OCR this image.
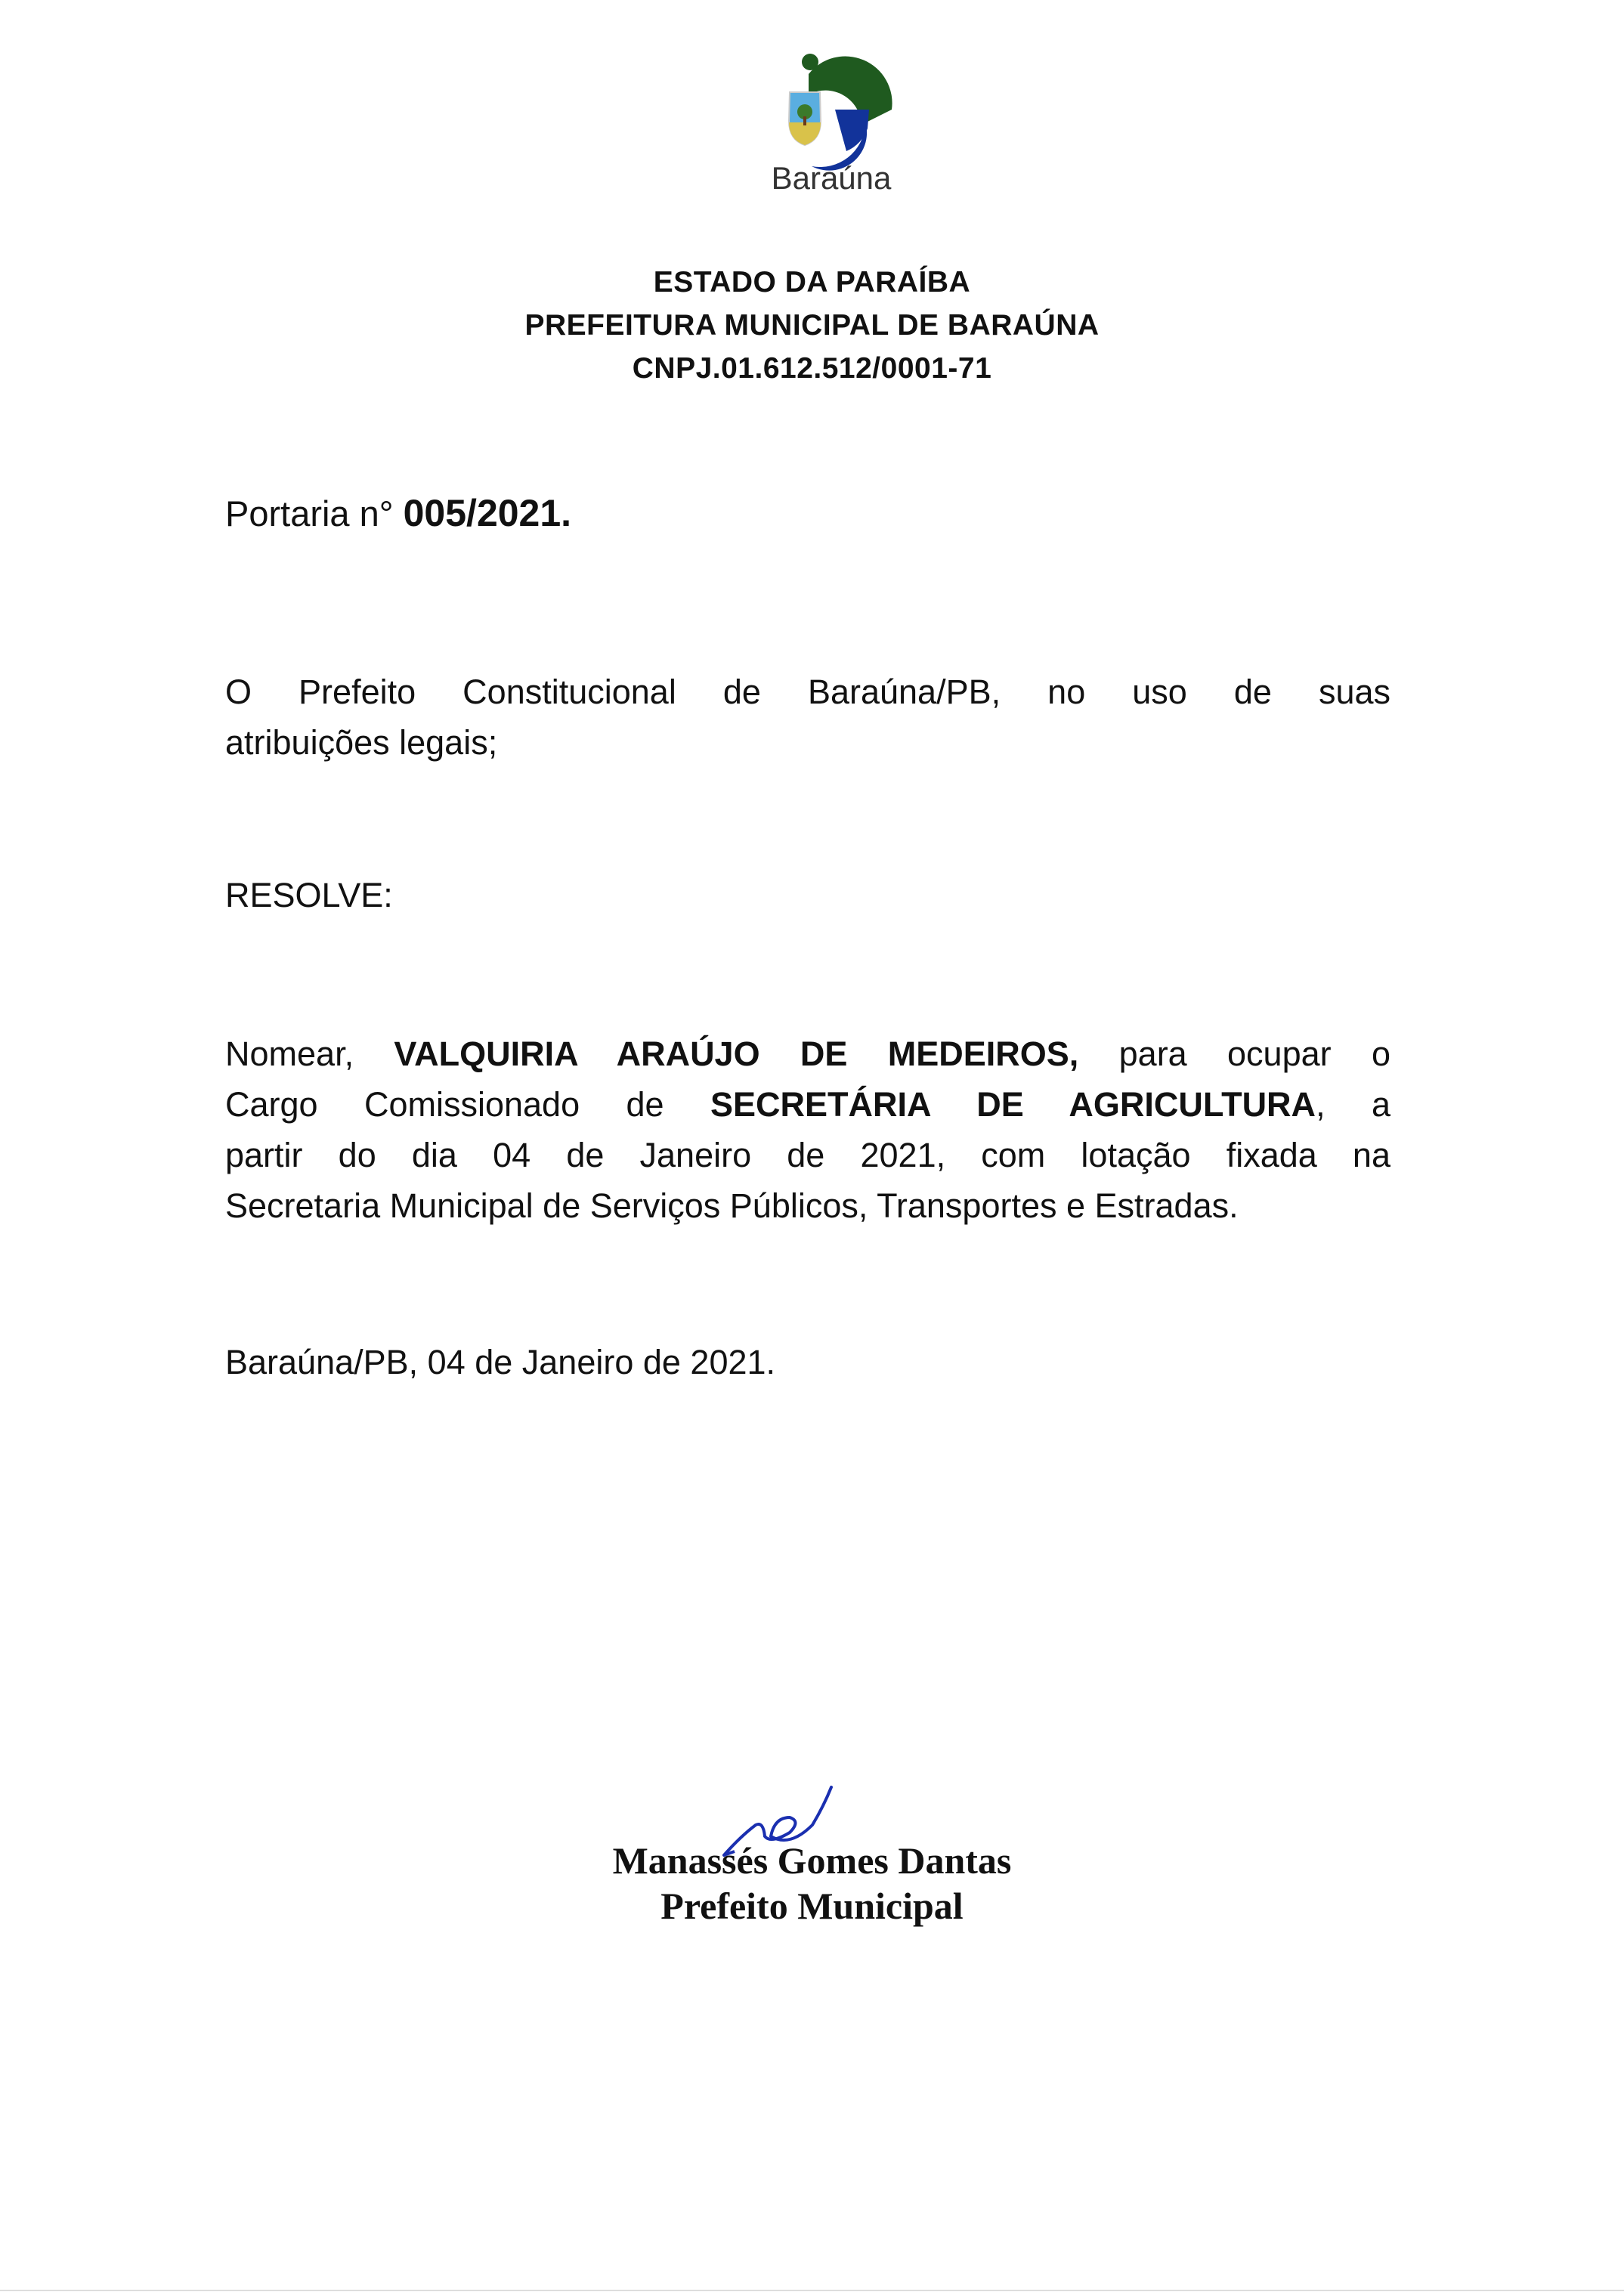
Baraúna
ESTADO DA PARAÍBA
PREFEITURA MUNICIPAL DE BARAÚNA
CNPJ.01.612.512/0001-71
Portaria n° 005/2021.
O Prefeito Constitucional de Baraúna/PB, no uso de suas
atribuições legais;
RESOLVE:
Nomear, VALQUIRIA ARAÚJO DE MEDEIROS, para ocupar o
Cargo Comissionado de SECRETÁRIA DE AGRICULTURA, a
partir do dia 04 de Janeiro de 2021, com lotação fixada na
Secretaria Municipal de Serviços Públicos, Transportes e Estradas.
Baraúna/PB, 04 de Janeiro de 2021.
Manassés Gomes Dantas
Prefeito Municipal
